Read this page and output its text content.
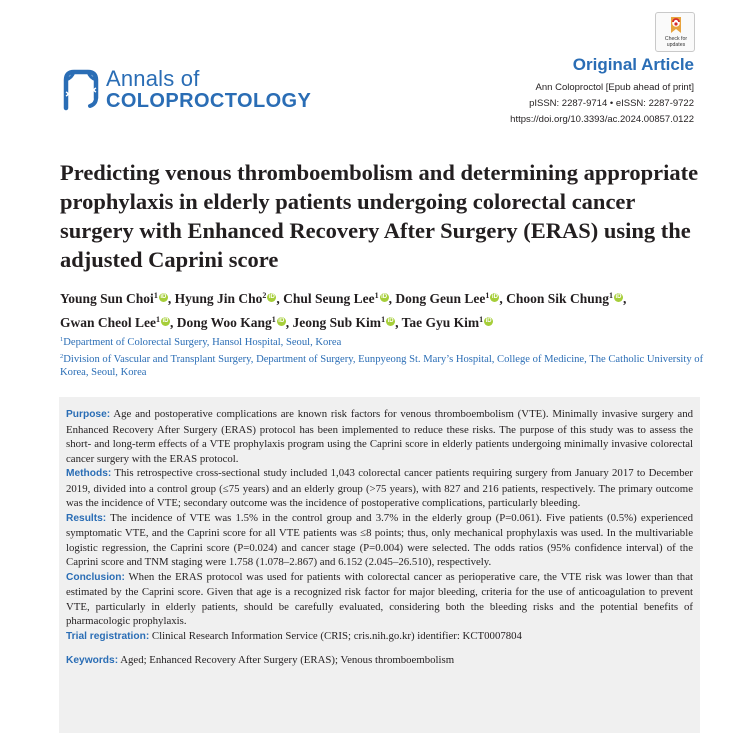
Check for updates
Annals of
COLOPROCTOLOGY
Original Article
Ann Coloproctol [Epub ahead of print]
pISSN: 2287-9714 • eISSN: 2287-9722
https://doi.org/10.3393/ac.2024.00857.0122
Predicting venous thromboembolism and determining appropriate prophylaxis in elderly patients undergoing colorectal cancer surgery with Enhanced Recovery After Surgery (ERAS) using the adjusted Caprini score
Young Sun Choi$^1$ iD , Hyung Jin Cho$^2$ iD , Chul Seung Lee$^1$ iD , Dong Geun Lee$^1$ iD , Choon Sik Chung$^1$ iD ,
Gwan Cheol Lee$^1$ iD , Dong Woo Kang$^1$ iD , Jeong Sub Kim$^1$ iD , Tae Gyu Kim$^1$ iD

$^1$Department of Colorectal Surgery, Hansol Hospital, Seoul, Korea

$^2$Division of Vascular and Transplant Surgery, Department of Surgery, Eunpyeong St. Mary’s Hospital, College of Medicine, The Catholic University of Korea, Seoul, Korea

Purpose: Age and postoperative complications are known risk factors for venous thromboembolism (VTE). Minimally invasive surgery and Enhanced Recovery After Surgery (ERAS) protocol has been implemented to reduce these risks. The purpose of this study was to assess the short- and long-term effects of a VTE prophylaxis program using the Caprini score in elderly patients undergoing minimally invasive colorectal cancer surgery with the ERAS protocol.

Methods: This retrospective cross-sectional study included 1,043 colorectal cancer patients requiring surgery from January 2017 to December 2019, divided into a control group (≤75 years) and an elderly group (>75 years), with 827 and 216 patients, respectively. The primary outcome was the incidence of VTE; secondary outcome was the incidence of postoperative complications, particularly bleeding.

Results: The incidence of VTE was 1.5% in the control group and 3.7% in the elderly group (P=0.061). Five patients (0.5%) experienced symptomatic VTE, and the Caprini score for all VTE patients was ≤8 points; thus, only mechanical prophylaxis was used. In the multivariable logistic regression, the Caprini score (P=0.024) and cancer stage (P=0.004) were selected. The odds ratios (95% confidence interval) of the Caprini score and TNM staging were 1.758 (1.078–2.867) and 6.152 (2.045–26.510), respectively.

Conclusion: When the ERAS protocol was used for patients with colorectal cancer as perioperative care, the VTE risk was lower than that estimated by the Caprini score. Given that age is a recognized risk factor for major bleeding, criteria for the use of anticoagulation to prevent VTE, particularly in elderly patients, should be carefully evaluated, considering both the bleeding risks and the potential benefits of pharmacologic prophylaxis.

Trial registration: Clinical Research Information Service (CRIS; cris.nih.go.kr) identifier: KCT0007804

Keywords: Aged; Enhanced Recovery After Surgery (ERAS); Venous thromboembolism
